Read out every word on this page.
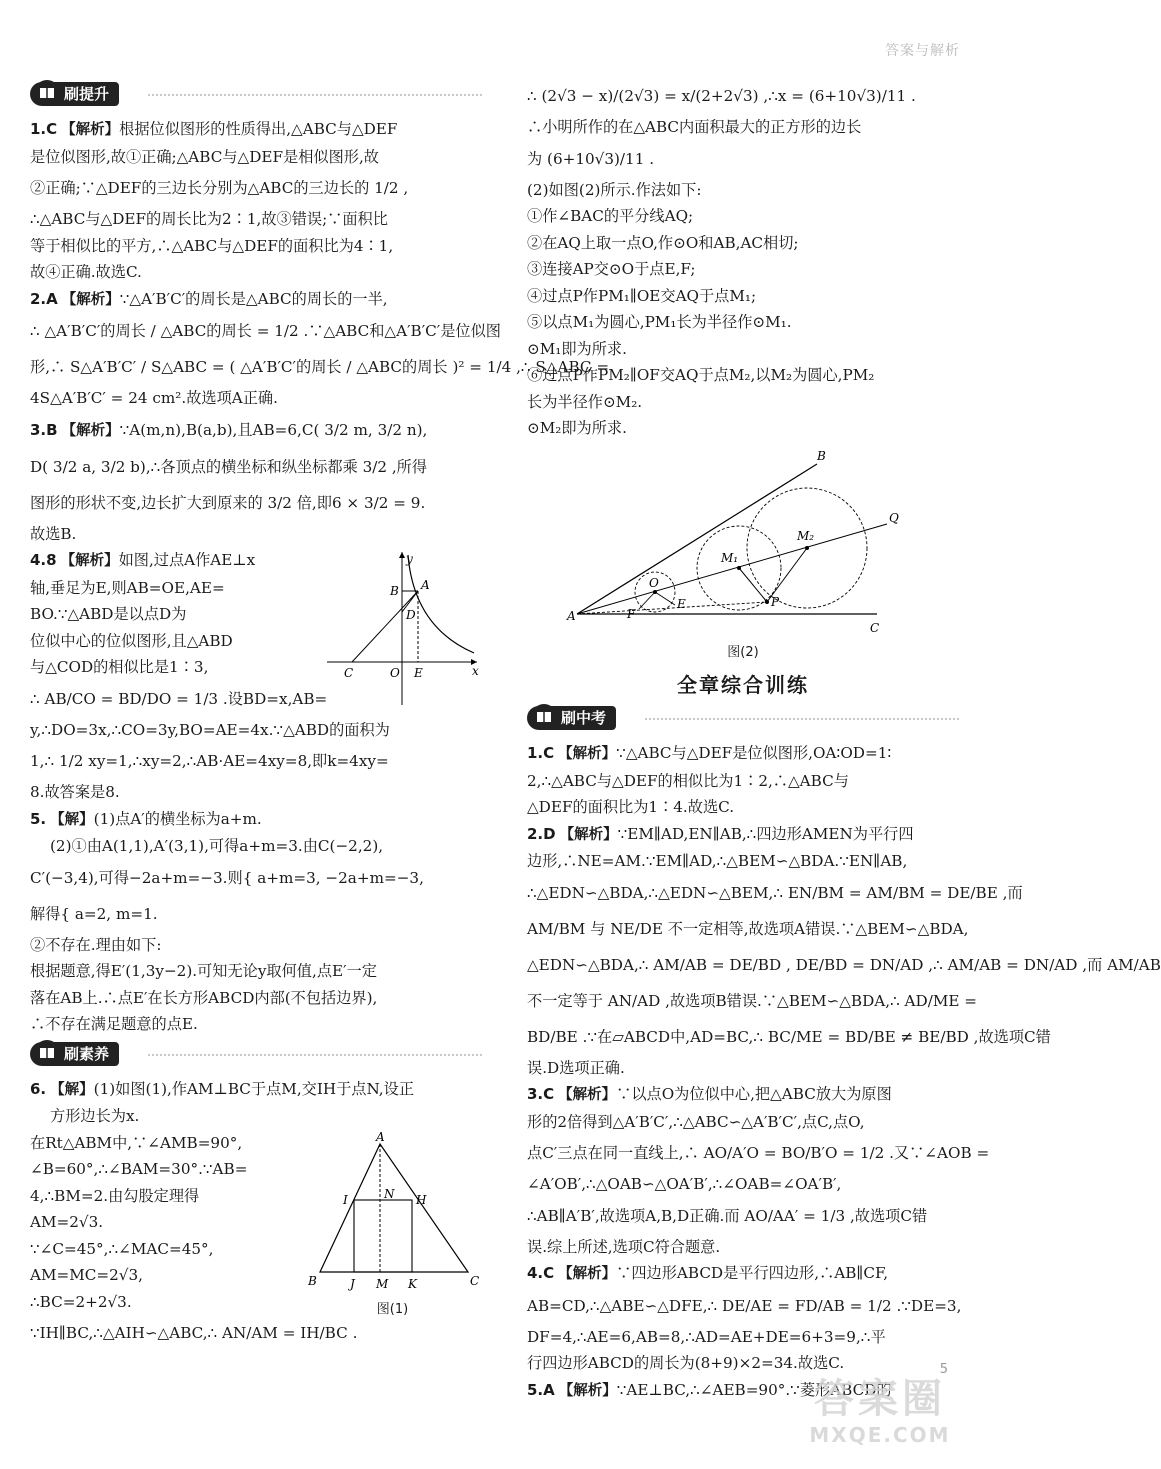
答案与解析
刷提升
1.C 【解析】根据位似图形的性质得出,△ABC与△DEF
是位似图形,故①正确;△ABC与△DEF是相似图形,故
②正确;∵△DEF的三边长分别为△ABC的三边长的 1/2 ,
∴△ABC与△DEF的周长比为2∶1,故③错误;∵面积比
等于相似比的平方,∴△ABC与△DEF的面积比为4∶1,
故④正确.故选C.
2.A 【解析】∵△A′B′C′的周长是△ABC的周长的一半,
∴ △A′B′C′的周长 / △ABC的周长 = 1/2 .∵△ABC和△A′B′C′是位似图
形,∴ S△A′B′C′ / S△ABC = ( △A′B′C′的周长 / △ABC的周长 )² = 1/4 ,∴ S△ABC =
4S△A′B′C′ = 24 cm².故选项A正确.
3.B 【解析】∵A(m,n),B(a,b),且AB=6,C( 3/2 m, 3/2 n),
D( 3/2 a, 3/2 b),∴各顶点的横坐标和纵坐标都乘 3/2 ,所得
图形的形状不变,边长扩大到原来的 3/2 倍,即6 × 3/2 = 9.
故选B.
4.8 【解析】如图,过点A作AE⊥x
轴,垂足为E,则AB=OE,AE=
BO.∵△ABD是以点D为
位似中心的位似图形,且△ABD
与△COD的相似比是1∶3,
∴ AB/CO = BD/DO = 1/3 .设BD=x,AB=
y
x
A
B
C
D
O E
y,∴DO=3x,∴CO=3y,BO=AE=4x.∵△ABD的面积为
1,∴ 1/2 xy=1,∴xy=2,∴AB·AE=4xy=8,即k=4xy=
8.故答案是8.
5. 【解】(1)点A′的横坐标为a+m.
(2)①由A(1,1),A′(3,1),可得a+m=3.由C(−2,2),
C′(−3,4),可得−2a+m=−3.则{ a+m=3, −2a+m=−3,
解得{ a=2, m=1.
②不存在.理由如下:
根据题意,得E′(1,3y−2).可知无论y取何值,点E′一定
落在AB上.∴点E′在长方形ABCD内部(不包括边界),
∴不存在满足题意的点E.
刷素养
6. 【解】(1)如图(1),作AM⊥BC于点M,交IH于点N,设正
方形边长为x.
在Rt△ABM中,∵∠AMB=90°,
∠B=60°,∴∠BAM=30°.∵AB=
4,∴BM=2.由勾股定理得
AM=2√3.
∵∠C=45°,∴∠MAC=45°,
AM=MC=2√3,
∴BC=2+2√3.
∵IH∥BC,∴△AIH∽△ABC,∴ AN/AM = IH/BC .
A
B	C
I	H
N
J M K
图(1)
∴ (2√3 − x)/(2√3) = x/(2+2√3) ,∴x = (6+10√3)/11 .
∴小明所作的在△ABC内面积最大的正方形的边长
为 (6+10√3)/11 .
(2)如图(2)所示.作法如下:
①作∠BAC的平分线AQ;
②在AQ上取一点O,作⊙O和AB,AC相切;
③连接AP交⊙O于点E,F;
④过点P作PM₁∥OE交AQ于点M₁;
⑤以点M₁为圆心,PM₁长为半径作⊙M₁.
⊙M₁即为所求.
⑥过点P作PM₂∥OF交AQ于点M₂,以M₂为圆心,PM₂
长为半径作⊙M₂.
⊙M₂即为所求.
A
B
C
Q
O
M₁
M₂
E
F
P
图(2)
全章综合训练
刷中考
1.C 【解析】∵△ABC与△DEF是位似图形,OA∶OD=1∶
2,∴△ABC与△DEF的相似比为1∶2,∴△ABC与
△DEF的面积比为1∶4.故选C.
2.D 【解析】∵EM∥AD,EN∥AB,∴四边形AMEN为平行四
边形,∴NE=AM.∵EM∥AD,∴△BEM∽△BDA.∵EN∥AB,
∴△EDN∽△BDA,∴△EDN∽△BEM,∴ EN/BM = AM/BM = DE/BE ,而
AM/BM 与 NE/DE 不一定相等,故选项A错误.∵△BEM∽△BDA,
△EDN∽△BDA,∴ AM/AB = DE/BD , DE/BD = DN/AD ,∴ AM/AB = DN/AD ,而 AM/AB
不一定等于 AN/AD ,故选项B错误.∵△BEM∽△BDA,∴ AD/ME =
BD/BE .∵在▱ABCD中,AD=BC,∴ BC/ME = BD/BE ≠ BE/BD ,故选项C错
误.D选项正确.
3.C 【解析】∵以点O为位似中心,把△ABC放大为原图
形的2倍得到△A′B′C′,∴△ABC∽△A′B′C′,点C,点O,
点C′三点在同一直线上,∴ AO/A′O = BO/B′O = 1/2 .又∵∠AOB =
∠A′OB′,∴△OAB∽△OA′B′,∴∠OAB=∠OA′B′,
∴AB∥A′B′,故选项A,B,D正确.而 AO/AA′ = 1/3 ,故选项C错
误.综上所述,选项C符合题意.
4.C 【解析】∵四边形ABCD是平行四边形,∴AB∥CF,
AB=CD,∴△ABE∽△DFE,∴ DE/AE = FD/AB = 1/2 .∵DE=3,
DF=4,∴AE=6,AB=8,∴AD=AE+DE=6+3=9,∴平
行四边形ABCD的周长为(8+9)×2=34.故选C.
5.A 【解析】∵AE⊥BC,∴∠AEB=90°.∵菱形ABCD的
5
答案圈
MXQE.COM
